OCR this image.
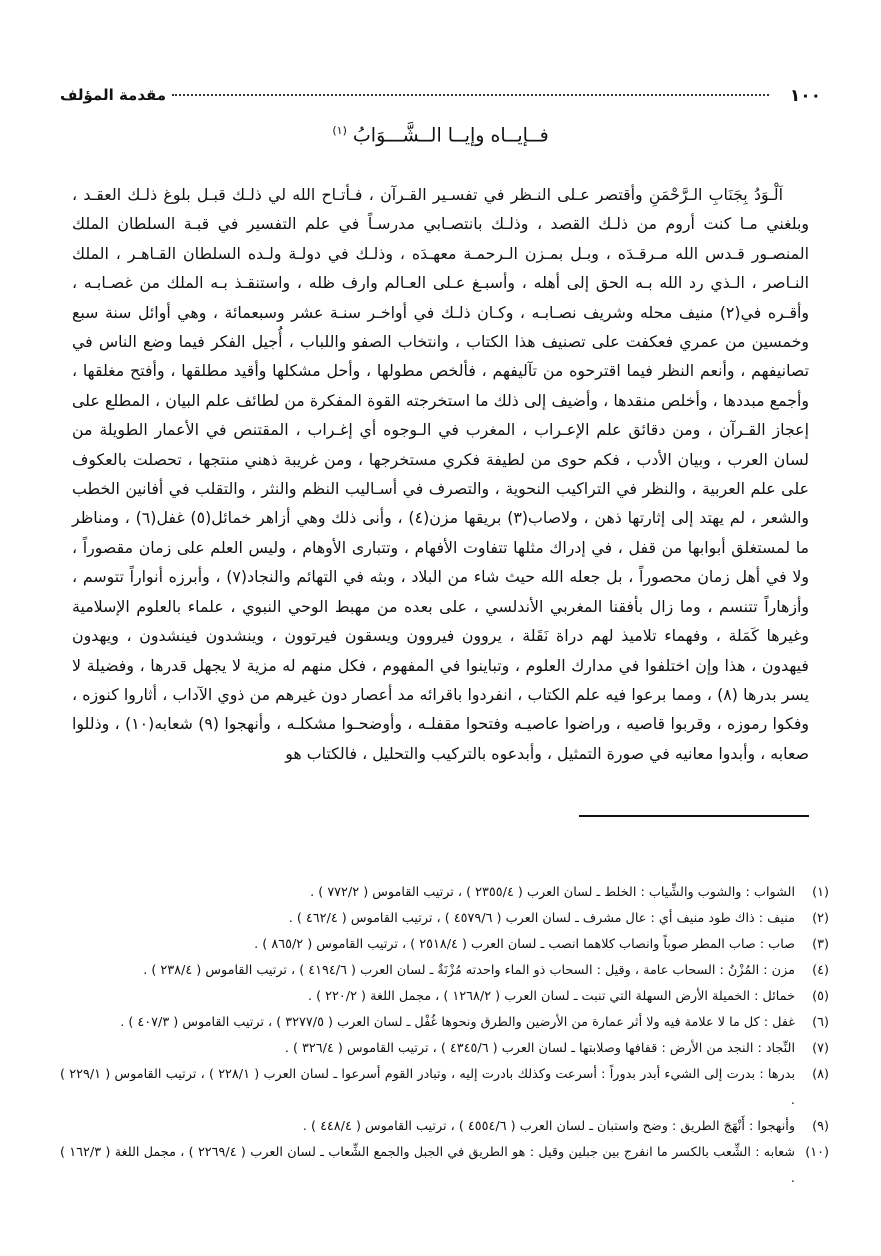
١٠٠
مقدمة المؤلف
فــإيــاه وإيــا الــشَّـــوَابُ $^{(١)}$

اَلْـوَدُ بِجَنَابِ الـرَّحْمَنِ وأقتصر عـلى النـظر في تفسـير القـرآن ، فـأتـاح الله لي ذلـك قبـل بلوغ ذلـك العقـد ، وبلغني مـا كنت أروم من ذلـك القصد ، وذلـك بانتصـابي مدرسـاً في علم التفسير في قبـة السلطان الملك المنصـور قـدس الله مـرقـدَه ، وبـل بمـزن الـرحمـة معهـدَه ، وذلـك في دولـة ولـده السلطان القـاهـر ، الملك النـاصر ، الـذي رد الله بـه الحق إلى أهله ، وأسبـغ عـلى العـالم وارف ظله ، واستنقـذ بـه الملك من غصـابـه ، وأقـره في(٢) منيف محله وشريف نصـابـه ، وكـان ذلـك في أواخـر سنـة عشر وسبعمائة ، وهي أوائل سنة سبع وخمسين من عمري فعكفت على تصنيف هذا الكتاب ، وانتخاب الصفو واللباب ، أُجيل الفكر فيما وضع الناس في تصانيفهم ، وأنعم النظر فيما اقترحوه من تآليفهم ، فألخص مطولها ، وأحل مشكلها وأقيد مطلقها ، وأفتح مغلقها ، وأجمع مبددها ، وأخلص منقدها ، وأضيف إلى ذلك ما استخرجته القوة المفكرة من لطائف علم البيان ، المطلع على إعجاز القـرآن ، ومن دقائق علم الإعـراب ، المغرب في الـوجوه أي إغـراب ، المقتنص في الأعمار الطويلة من لسان العرب ، وبيان الأدب ، فكم حوى من لطيفة فكري مستخرجها ، ومن غريبة ذهني منتجها ، تحصلت بالعكوف على علم العربية ، والنظر في التراكيب النحوية ، والتصرف في أسـاليب النظم والنثر ، والتقلب في أفانين الخطب والشعر ، لم يهتد إلى إثارتها ذهن ، ولاصاب(٣) بريقها مزن(٤) ، وأنى ذلك وهي أزاهر خمائل(٥) غفل(٦) ، ومناظر ما لمستغلق أبوابها من قفل ، في إدراك مثلها تتفاوت الأفهام ، وتتبارى الأوهام ، وليس العلم على زمان مقصوراً ، ولا في أهل زمان محصوراً ، بل جعله الله حيث شاء من البلاد ، وبثه في التهائم والنجاد(٧) ، وأبرزه أنواراً تتوسم ، وأزهاراً تتنسم ، وما زال بأفقنا المغربي الأندلسي ، على بعده من مهبط الوحي النبوي ، علماء بالعلوم الإسلامية وغيرها كَمَلة ، وفهماء تلاميذ لهم دراة نَقَلة ، يروون فيروون ويسقون فيرتوون ، وينشدون فينشدون ، ويهدون فيهدون ، هذا وإن اختلفوا في مدارك العلوم ، وتباينوا في المفهوم ، فكل منهم له مزية لا يجهل قدرها ، وفضيلة لا يسر بدرها (٨) ، ومما برعوا فيه علم الكتاب ، انفردوا باقرائه مد أعصار دون غيرهم من ذوي الآداب ، أثاروا كنوزه ، وفكوا رموزه ، وقربوا قاصيه ، وراضوا عاصيـه وفتحوا مقفلـه ، وأوضحـوا مشكلـه ، وأنهجوا (٩) شعابه(١٠) ، وذللوا صعابه ، وأبدوا معانيه في صورة التمثيل ، وأبدعوه بالتركيب والتحليل ، فالكتاب هو

(١)
الشواب : والشوب والشِّياب : الخلط ـ لسان العرب ( ٢٣٥٥/٤ ) ، ترتيب القاموس ( ٧٧٢/٢ ) .
(٢)
منيف : ذاك طود منيف أي : عال مشرف ـ لسان العرب ( ٤٥٧٩/٦ ) ، ترتيب القاموس ( ٤٦٢/٤ ) .
(٣)
صاب : صاب المطر صوباً وانصاب كلاهما انصب ـ لسان العرب ( ٢٥١٨/٤ ) ، ترتيب القاموس ( ٨٦٥/٢ ) .
(٤)
مزن : المُزْنُ : السحاب عامة ، وقيل : السحاب ذو الماء واحدته مُزْنَةٌ ـ لسان العرب ( ٤١٩٤/٦ ) ، ترتيب القاموس ( ٢٣٨/٤ ) .
(٥)
خمائل : الخميلة الأرض السهلة التي تنبت ـ لسان العرب ( ١٢٦٨/٢ ) ، مجمل اللغة ( ٢٢٠/٢ ) .
(٦)
غفل : كل ما لا علامة فيه ولا أثر عمارة من الأرضين والطرق ونحوها غُفْل ـ لسان العرب ( ٣٢٧٧/٥ ) ، ترتيب القاموس ( ٤٠٧/٣ ) .
(٧)
النِّجاد : النجد من الأرض : قفافها وصلابتها ـ لسان العرب ( ٤٣٤٥/٦ ) ، ترتيب القاموس ( ٣٢٦/٤ ) .
(٨)
بدرها : بدرت إلى الشيء أبدر بدوراً : أسرعت وكذلك بادرت إليه ، وتبادر القوم أسرعوا ـ لسان العرب ( ٢٢٨/١ ) ، ترتيب القاموس ( ٢٢٩/١ ) .
(٩)
وأنهجوا : أَنْهَجَ الطريق : وضح واستبان ـ لسان العرب ( ٤٥٥٤/٦ ) ، ترتيب القاموس ( ٤٤٨/٤ ) .
(١٠)
شعابه : الشِّعب بالكسر ما انفرج بين جبلين وقيل : هو الطريق في الجبل والجمع الشِّعاب ـ لسان العرب ( ٢٢٦٩/٤ ) ، مجمل اللغة ( ١٦٢/٣ ) .
